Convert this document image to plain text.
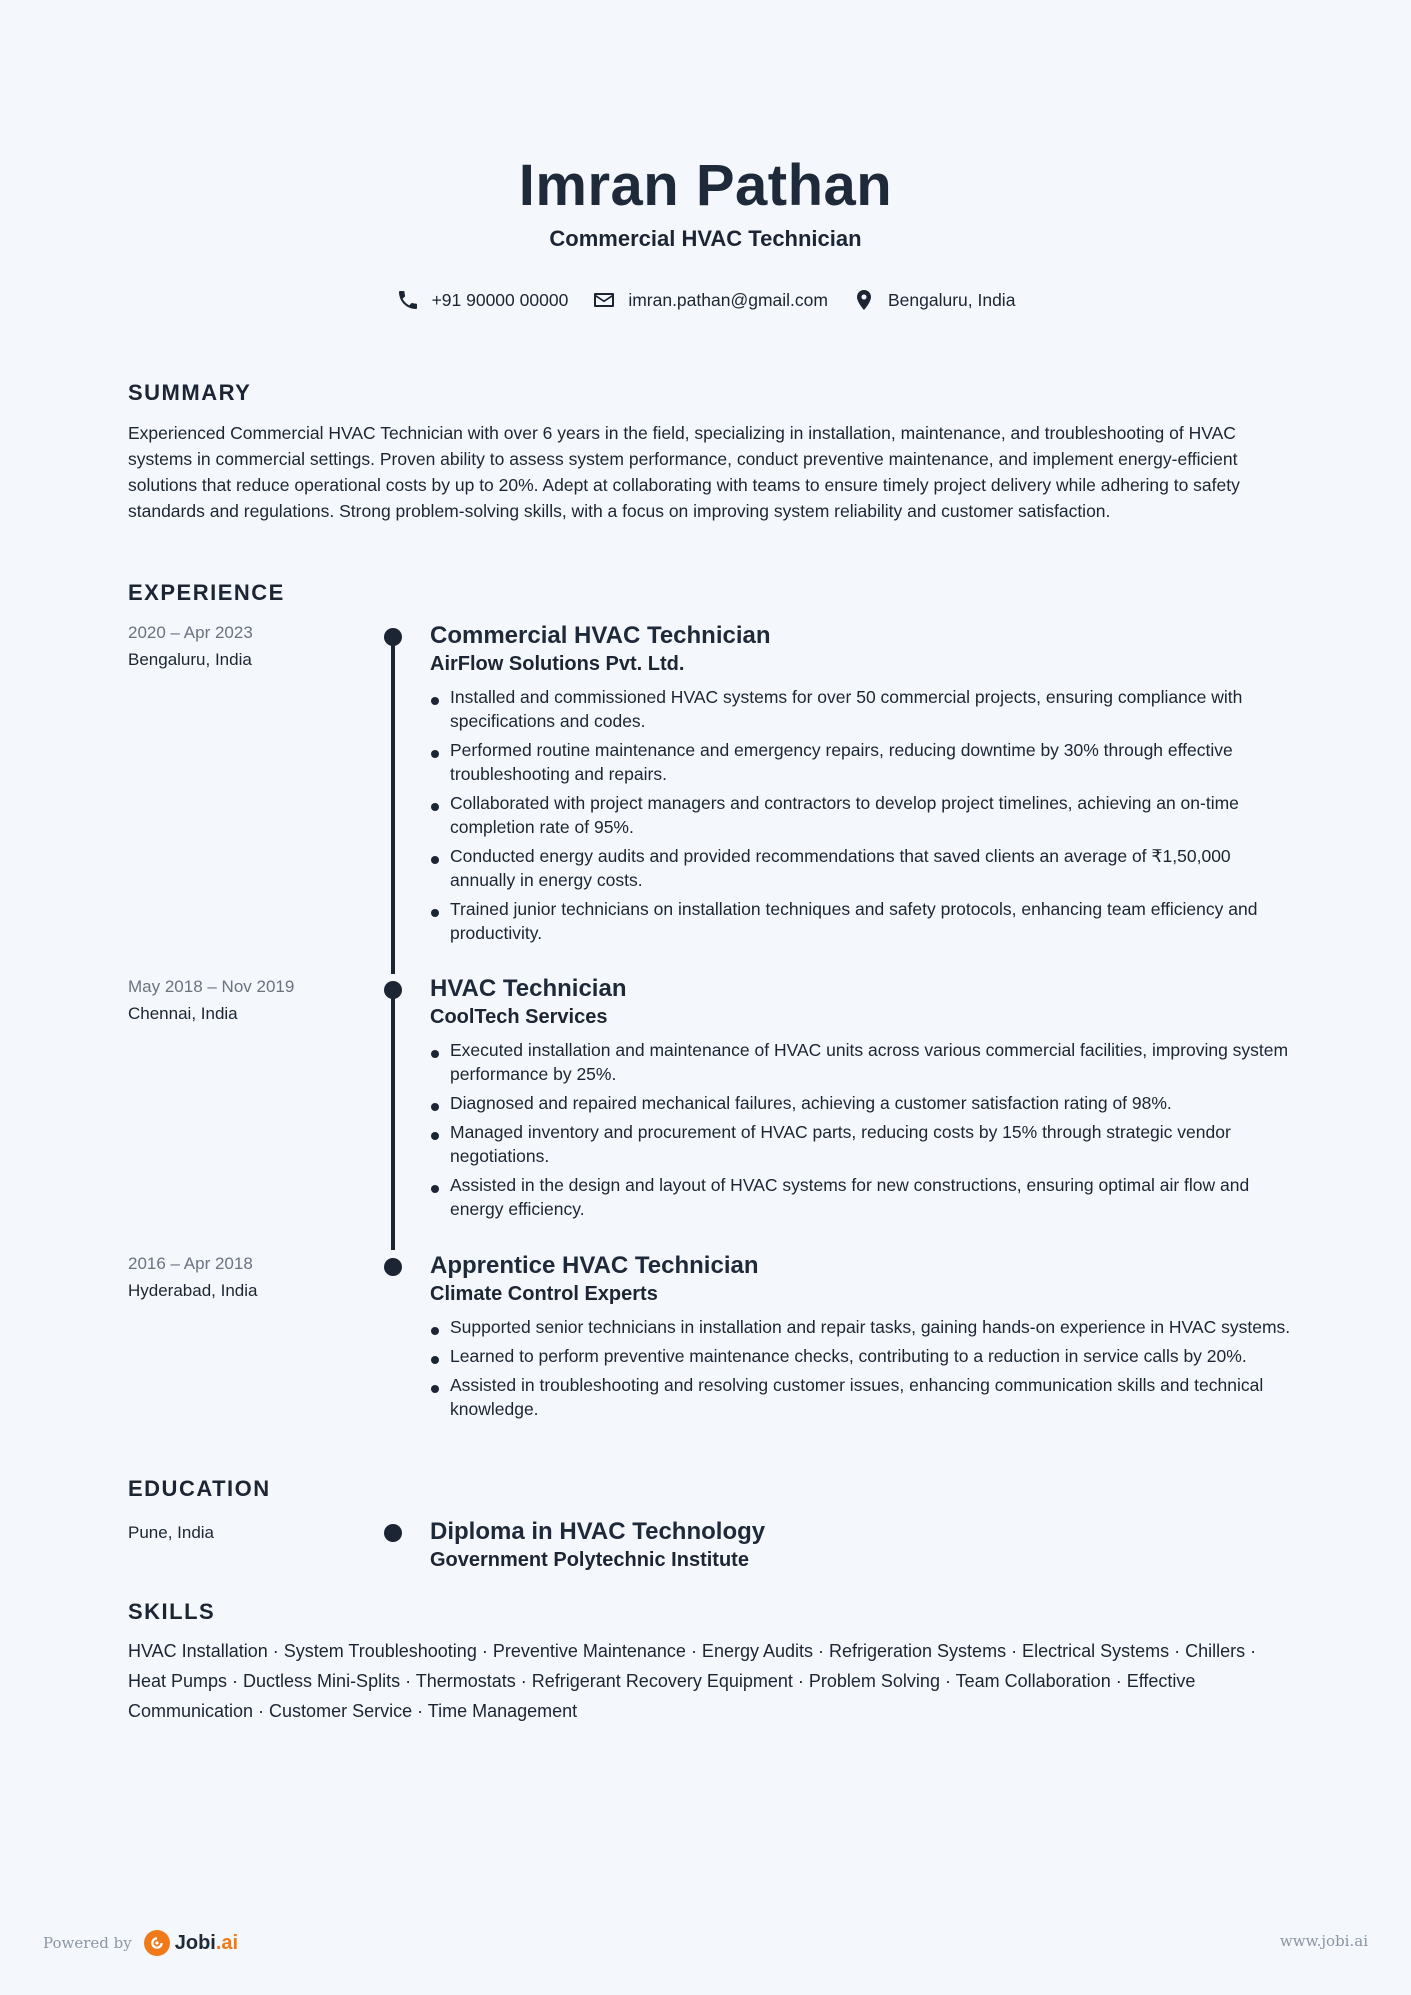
Imran Pathan
Commercial HVAC Technician
+91 90000 00000	imran.pathan@gmail.com	Bengaluru, India
SUMMARY
Experienced Commercial HVAC Technician with over 6 years in the field, specializing in installation, maintenance, and troubleshooting of HVAC systems in commercial settings. Proven ability to assess system performance, conduct preventive maintenance, and implement energy-efficient solutions that reduce operational costs by up to 20%. Adept at collaborating with teams to ensure timely project delivery while adhering to safety standards and regulations. Strong problem-solving skills, with a focus on improving system reliability and customer satisfaction.
EXPERIENCE
2020 – Apr 2023
Bengaluru, India
Commercial HVAC Technician
AirFlow Solutions Pvt. Ltd.
Installed and commissioned HVAC systems for over 50 commercial projects, ensuring compliance with specifications and codes.
Performed routine maintenance and emergency repairs, reducing downtime by 30% through effective troubleshooting and repairs.
Collaborated with project managers and contractors to develop project timelines, achieving an on-time completion rate of 95%.
Conducted energy audits and provided recommendations that saved clients an average of ₹1,50,000 annually in energy costs.
Trained junior technicians on installation techniques and safety protocols, enhancing team efficiency and productivity.
May 2018 – Nov 2019
Chennai, India
HVAC Technician
CoolTech Services
Executed installation and maintenance of HVAC units across various commercial facilities, improving system performance by 25%.
Diagnosed and repaired mechanical failures, achieving a customer satisfaction rating of 98%.
Managed inventory and procurement of HVAC parts, reducing costs by 15% through strategic vendor negotiations.
Assisted in the design and layout of HVAC systems for new constructions, ensuring optimal air flow and energy efficiency.
2016 – Apr 2018
Hyderabad, India
Apprentice HVAC Technician
Climate Control Experts
Supported senior technicians in installation and repair tasks, gaining hands-on experience in HVAC systems.
Learned to perform preventive maintenance checks, contributing to a reduction in service calls by 20%.
Assisted in troubleshooting and resolving customer issues, enhancing communication skills and technical knowledge.
EDUCATION
Pune, India	Diploma in HVAC Technology
Government Polytechnic Institute
SKILLS
HVAC Installation · System Troubleshooting · Preventive Maintenance · Energy Audits · Refrigeration Systems · Electrical Systems · Chillers · Heat Pumps · Ductless Mini-Splits · Thermostats · Refrigerant Recovery Equipment · Problem Solving · Team Collaboration · Effective Communication · Customer Service · Time Management
Powered by Jobi.ai	www.jobi.ai
